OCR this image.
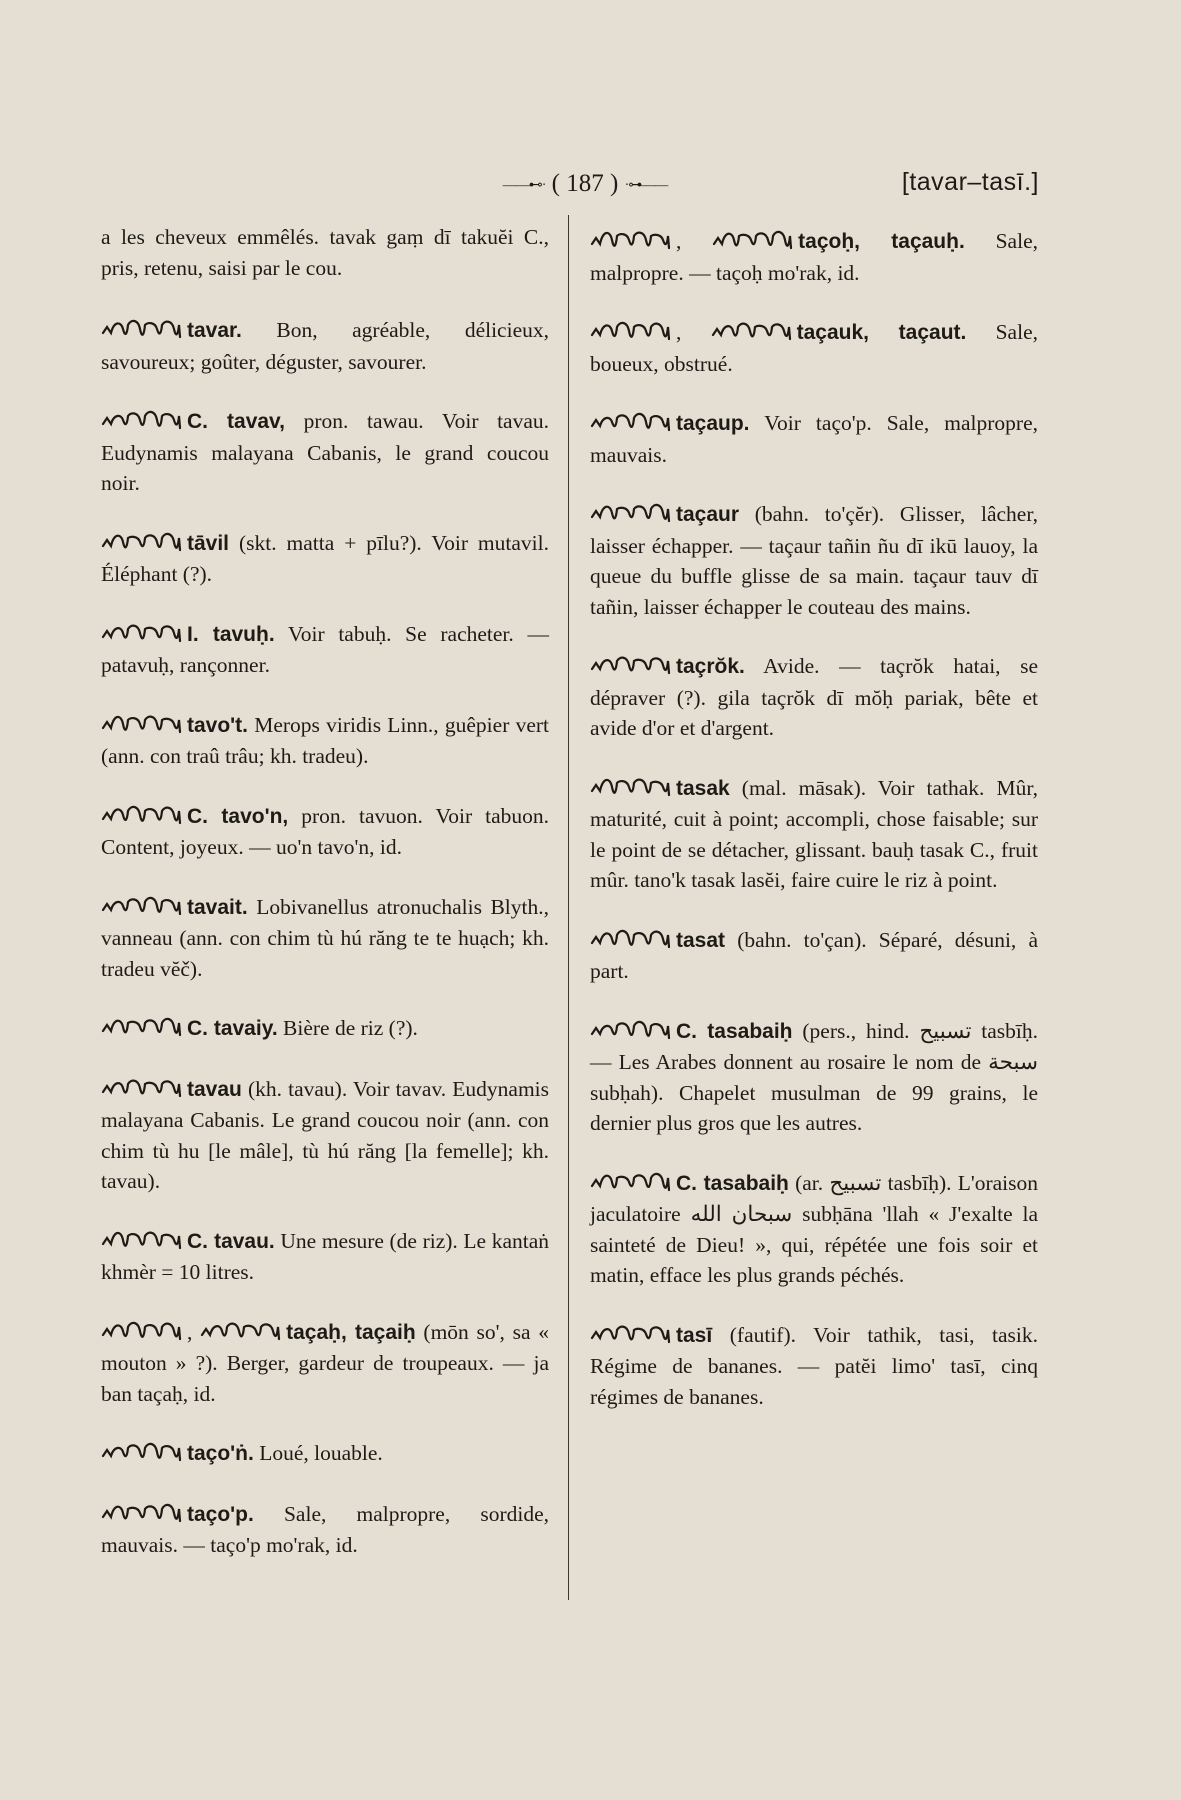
——⊷· ( 187 ) ·⊶——	[tavar–tasī.]
a les cheveux emmêlés. tavak gaṃ dī takuĕi C., pris, retenu, saisi par le cou.
tavar. Bon, agréable, délicieux, savoureux; goûter, déguster, savourer.
C. tavav, pron. tawau. Voir tavau. Eudynamis malayana Cabanis, le grand coucou noir.
tāvil (skt. matta + pīlu?). Voir mutavil. Éléphant (?).
I. tavuḥ. Voir tabuḥ. Se racheter. — patavuḥ, rançonner.
tavo't. Merops viridis Linn., guêpier vert (ann. con traû trâu; kh. tradeu).
C. tavo'n, pron. tavuon. Voir tabuon. Content, joyeux. — uo'n tavo'n, id.
tavait. Lobivanellus atronuchalis Blyth., vanneau (ann. con chim tù hú răng te te huạch; kh. tradeu vĕč).
C. tavaiy. Bière de riz (?).
tavau (kh. tavau). Voir tavav. Eudynamis malayana Cabanis. Le grand coucou noir (ann. con chim tù hu [le mâle], tù hú răng [la femelle]; kh. tavau).
C. tavau. Une mesure (de riz). Le kantaṅ khmèr = 10 litres.
,	taçaḥ, taçaiḥ (mōn so', sa « mouton » ?). Berger, gardeur de troupeaux. — ja ban taçaḥ, id.
taço'ṅ. Loué, louable.
taço'p. Sale, malpropre, sordide, mauvais. — taço'p mo'rak, id.
,	taçoḥ, taçauḥ. Sale, malpropre. — taçoḥ mo'rak, id.
,	taçauk, taçaut. Sale, boueux, obstrué.
taçaup. Voir taço'p. Sale, malpropre, mauvais.
taçaur (bahn. to'çĕr). Glisser, lâcher, laisser échapper. — taçaur tañin ñu dī ikū lauoy, la queue du buffle glisse de sa main. taçaur tauv dī tañin, laisser échapper le couteau des mains.
taçrŏk. Avide. — taçrŏk hatai, se dépraver (?). gila taçrŏk dī mŏḥ pariak, bête et avide d'or et d'argent.
tasak (mal. māsak). Voir tathak. Mûr, maturité, cuit à point; accompli, chose faisable; sur le point de se détacher, glissant. bauḥ tasak C., fruit mûr. tano'k tasak lasĕi, faire cuire le riz à point.
tasat (bahn. to'çan). Séparé, désuni, à part.
C. tasabaiḥ (pers., hind. تسبيح tasbīḥ. — Les Arabes donnent au rosaire le nom de سبحة subḥah). Chapelet musulman de 99 grains, le dernier plus gros que les autres.
C. tasabaiḥ (ar. تسبيح tasbīḥ). L'oraison jaculatoire سبحان الله subḥāna 'llah « J'exalte la sainteté de Dieu! », qui, répétée une fois soir et matin, efface les plus grands péchés.
tasī (fautif). Voir tathik, tasi, tasik. Régime de bananes. — patĕi limo' tasī, cinq régimes de bananes.
